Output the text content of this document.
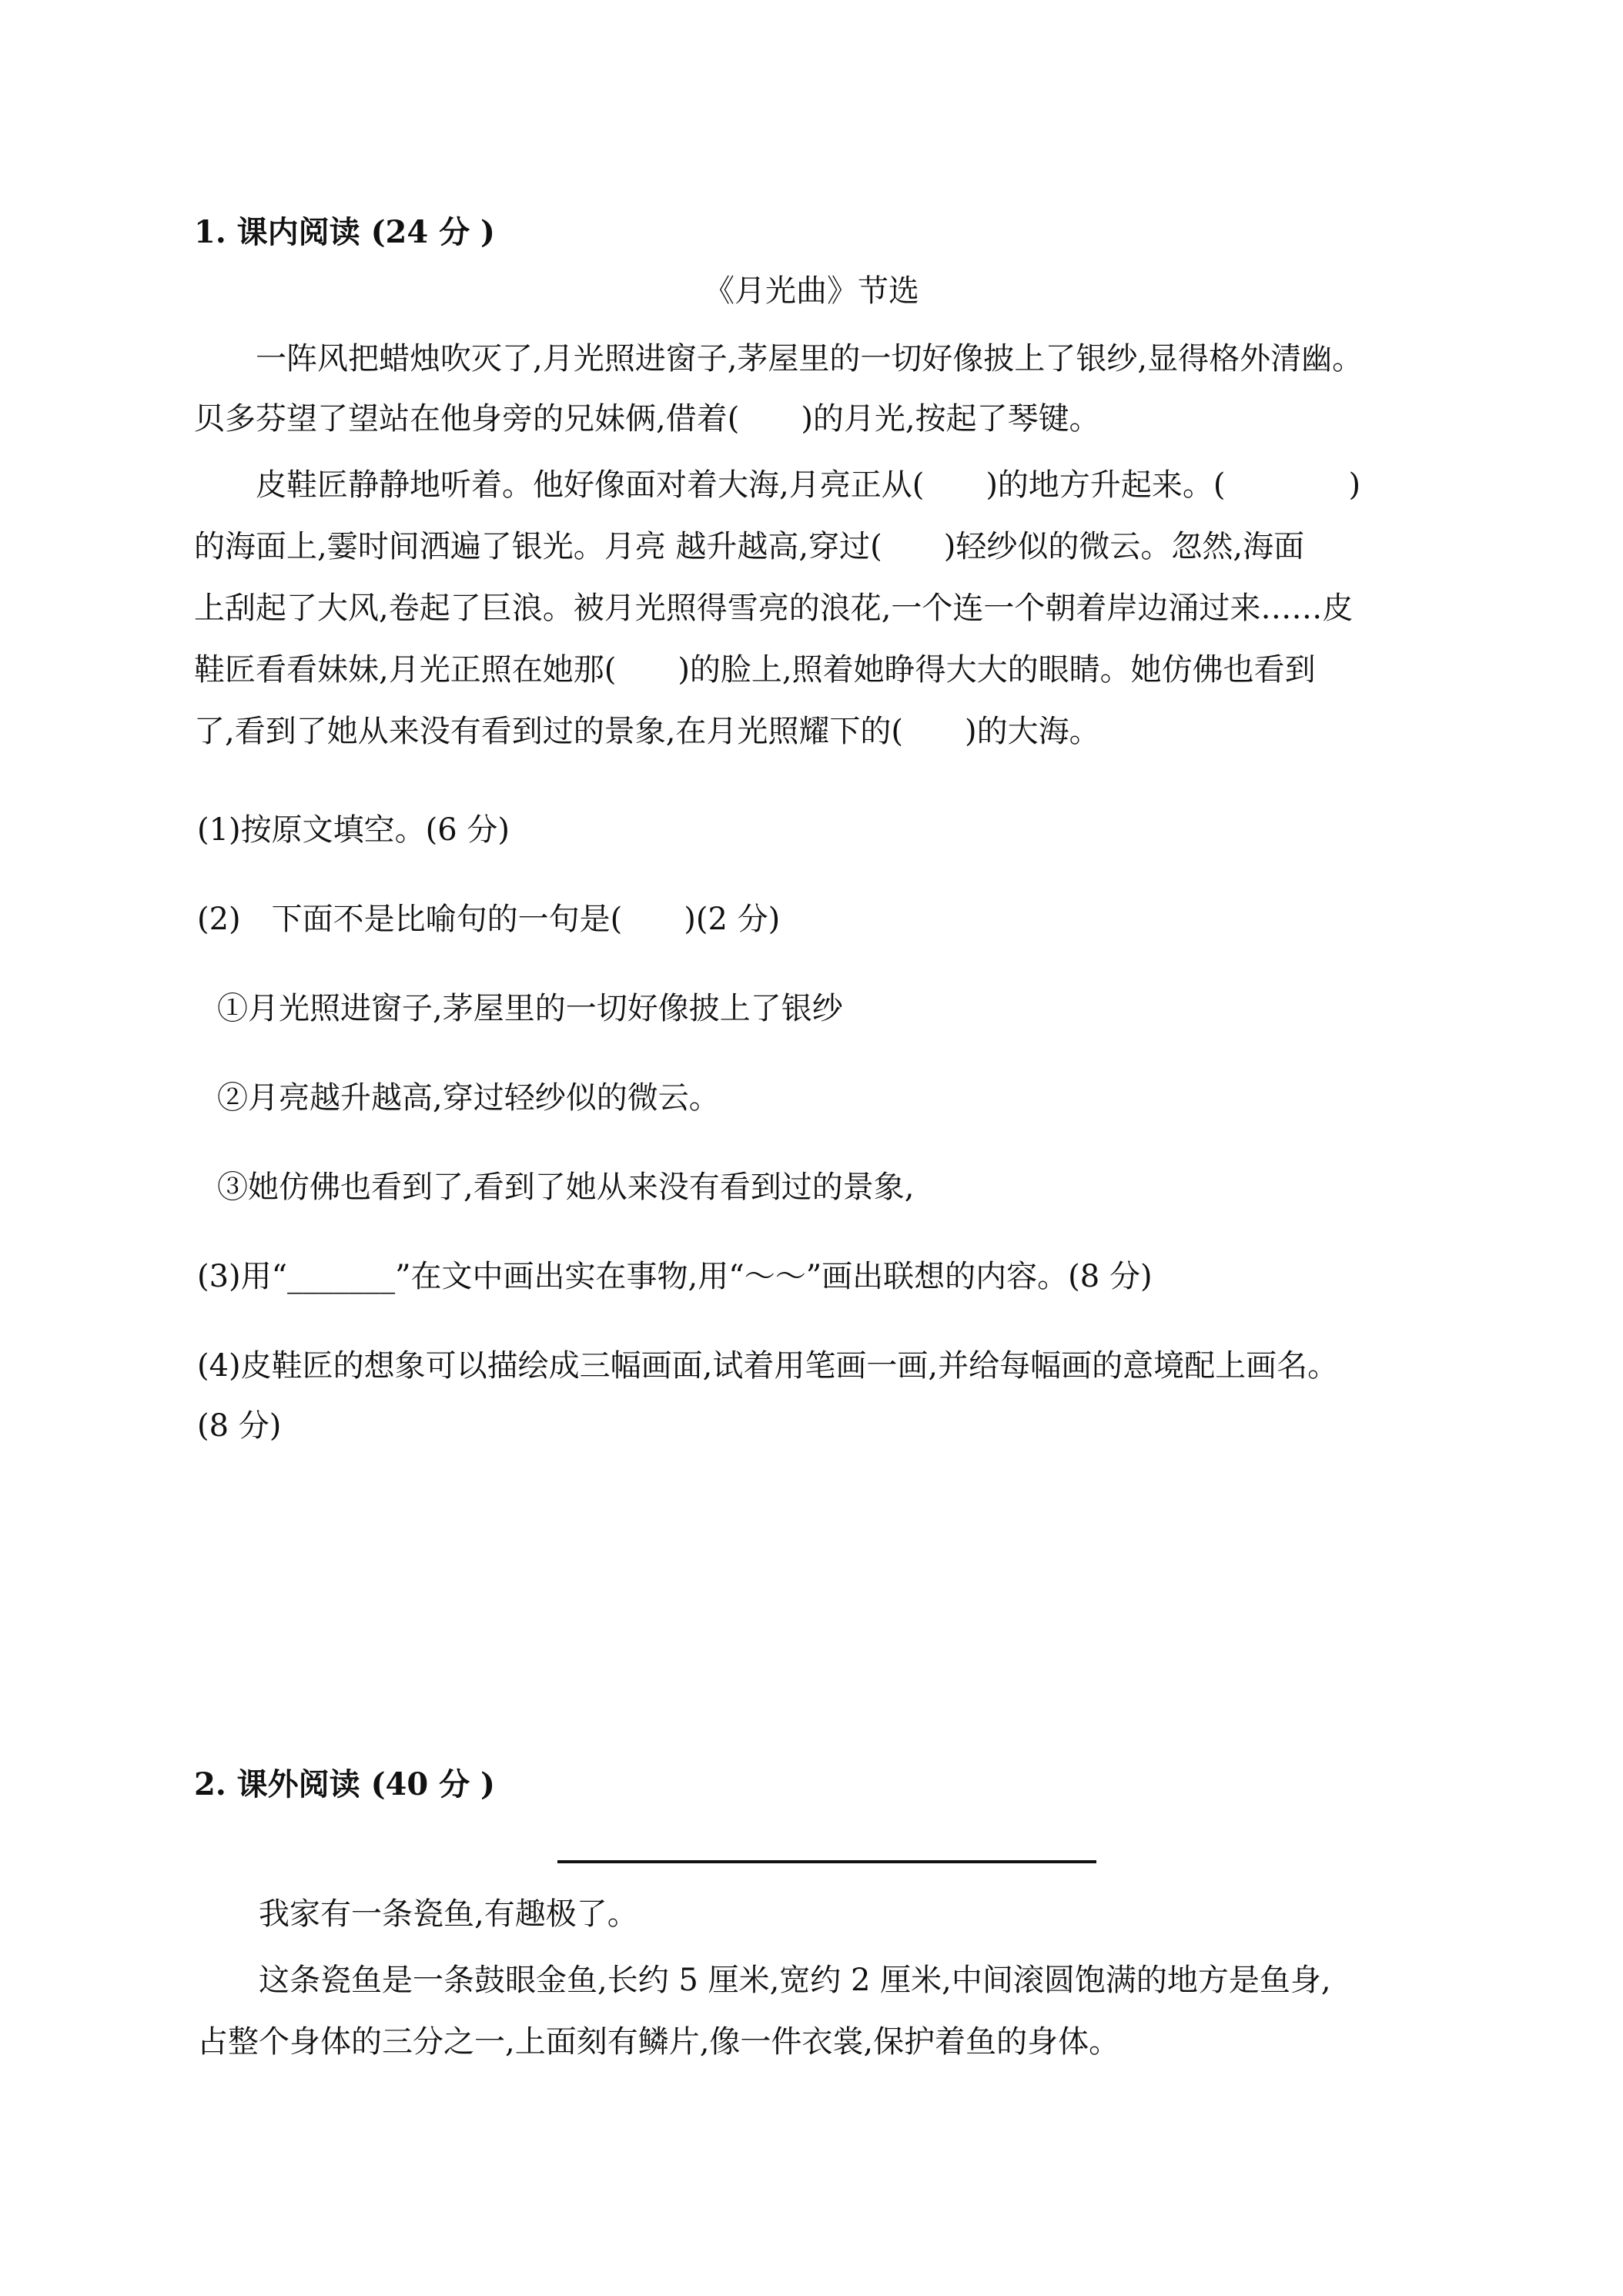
1. 课内阅读 (24 分 )
《月光曲》节选
一阵风把蜡烛吹灭了,月光照进窗子,茅屋里的一切好像披上了银纱,显得格外清幽。
贝多芬望了望站在他身旁的兄妹俩,借着(　　)的月光,按起了琴键。
皮鞋匠静静地听着。他好像面对着大海,月亮正从(　　)的地方升起来。(　　　　)
的海面上,霎时间洒遍了银光。月亮 越升越高,穿过(　　)轻纱似的微云。忽然,海面
上刮起了大风,卷起了巨浪。被月光照得雪亮的浪花,一个连一个朝着岸边涌过来……皮
鞋匠看看妹妹,月光正照在她那(　　)的脸上,照着她睁得大大的眼睛。她仿佛也看到
了,看到了她从来没有看到过的景象,在月光照耀下的(　　)的大海。
(1)按原文填空。(6 分)
(2)　下面不是比喻句的一句是(　　)(2 分)
①月光照进窗子,茅屋里的一切好像披上了银纱
②月亮越升越高,穿过轻纱似的微云。
③她仿佛也看到了,看到了她从来没有看到过的景象,
(3)用“_______”在文中画出实在事物,用“～～”画出联想的内容。(8 分)
(4)皮鞋匠的想象可以描绘成三幅画面,试着用笔画一画,并给每幅画的意境配上画名。
(8 分)
2. 课外阅读 (40 分 )
我家有一条瓷鱼,有趣极了。
这条瓷鱼是一条鼓眼金鱼,长约 5 厘米,宽约 2 厘米,中间滚圆饱满的地方是鱼身,
占整个身体的三分之一,上面刻有鳞片,像一件衣裳,保护着鱼的身体。
